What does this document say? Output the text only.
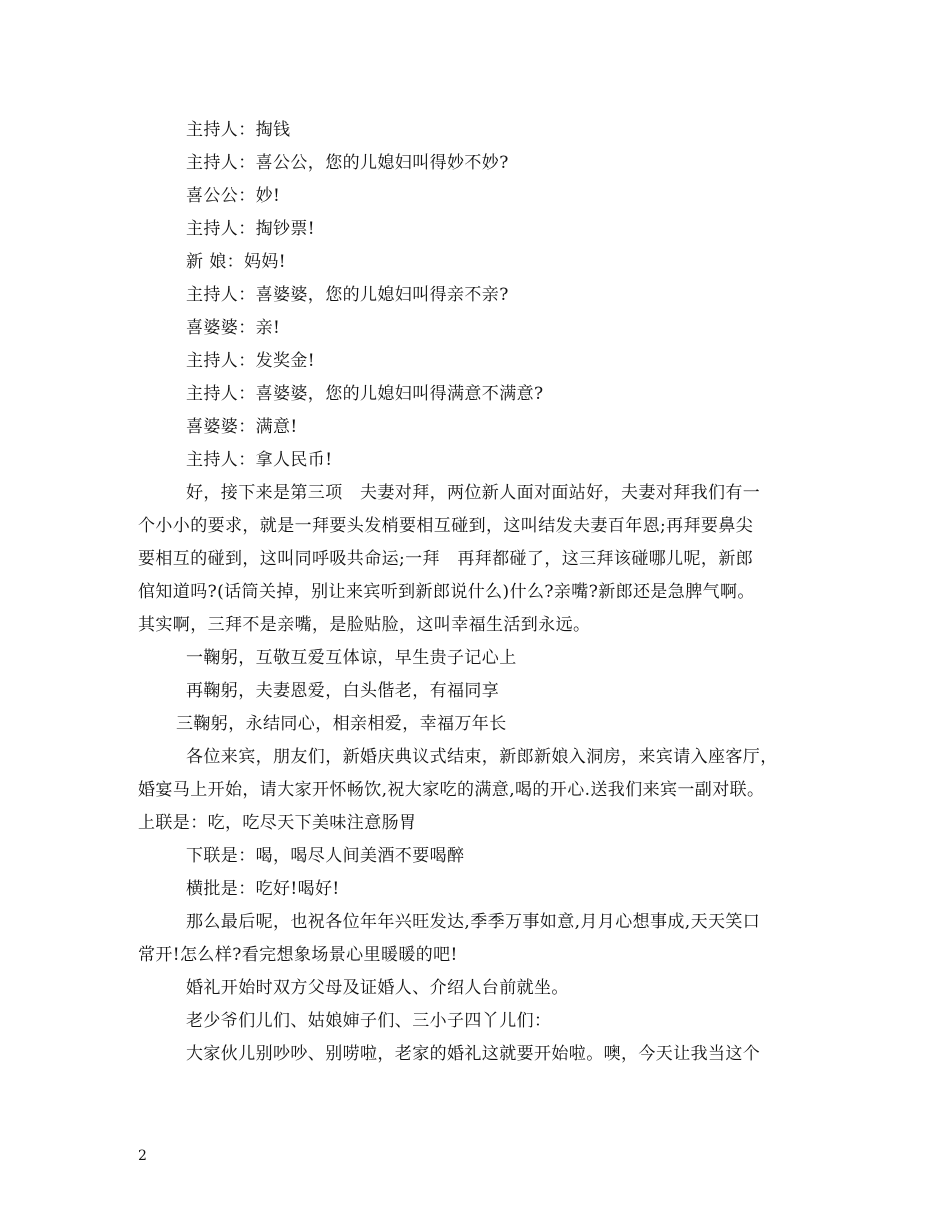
主持人：掏钱
主持人：喜公公，您的儿媳妇叫得妙不妙?
喜公公：妙!
主持人：掏钞票!
新 娘：妈妈!
主持人：喜婆婆，您的儿媳妇叫得亲不亲?
喜婆婆：亲!
主持人：发奖金!
主持人：喜婆婆，您的儿媳妇叫得满意不满意?
喜婆婆：满意!
主持人：拿人民币!
好，接下来是第三项　夫妻对拜，两位新人面对面站好，夫妻对拜我们有一
个小小的要求，就是一拜要头发梢要相互碰到，这叫结发夫妻百年恩;再拜要鼻尖
要相互的碰到，这叫同呼吸共命运;一拜　再拜都碰了，这三拜该碰哪儿呢，新郎
倌知道吗?(话筒关掉，别让来宾听到新郎说什么)什么?亲嘴?新郎还是急脾气啊。
其实啊，三拜不是亲嘴，是脸贴脸，这叫幸福生活到永远。
一鞠躬，互敬互爱互体谅，早生贵子记心上
再鞠躬，夫妻恩爱，白头偕老，有福同享
三鞠躬，永结同心，相亲相爱，幸福万年长
各位来宾，朋友们，新婚庆典议式结束，新郎新娘入洞房，来宾请入座客厅，
婚宴马上开始，请大家开怀畅饮,祝大家吃的满意,喝的开心.送我们来宾一副对联。
上联是：吃，吃尽天下美味注意肠胃
下联是：喝，喝尽人间美酒不要喝醉
横批是：吃好!喝好!
那么最后呢，也祝各位年年兴旺发达,季季万事如意,月月心想事成,天天笑口
常开!怎么样?看完想象场景心里暖暖的吧!
婚礼开始时双方父母及证婚人、介绍人台前就坐。
老少爷们儿们、姑娘婶子们、三小子四丫儿们：
大家伙儿别吵吵、别唠啦，老家的婚礼这就要开始啦。噢，今天让我当这个
2
